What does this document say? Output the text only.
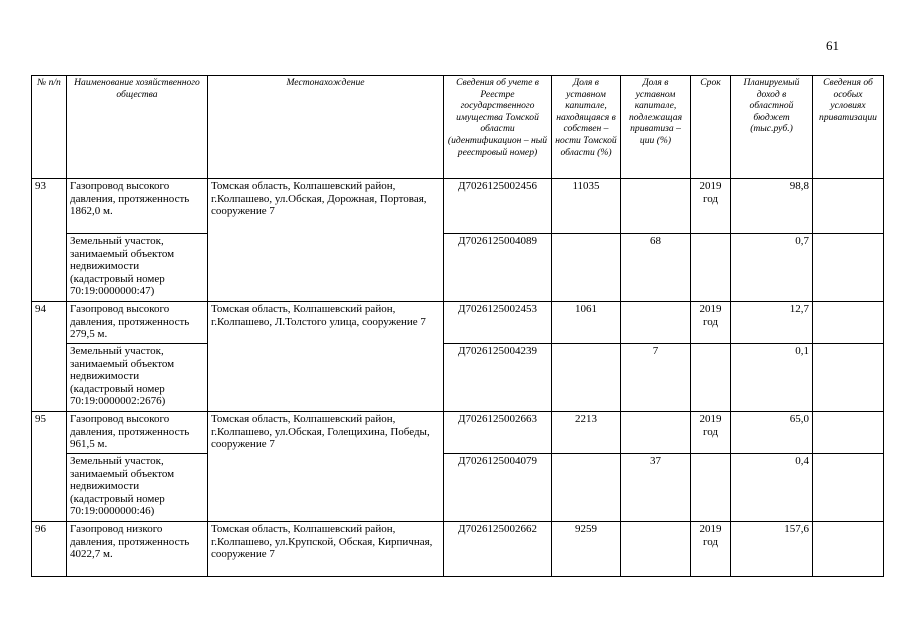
61
№ п/п	Наименование хозяйственного общества	Местонахождение	Сведения об учете в Реестре государственного имущества Томской области (идентификацион – ный реестровый номер)	Доля в уставном капитале, находящаяся в собствен – ности Томской области (%)	Доля в уставном капитале, подлежащая приватиза – ции (%)	Срок	Планируемый доход в областной бюджет (тыс.руб.)	Сведения об особых условиях приватизации
93	Газопровод высокого давления, протяженность 1862,0 м.	Томская область, Колпашевский район, г.Колпашево, ул.Обская, Дорожная, Портовая, сооружение 7	Д7026125002456	11035		2019 год	98,8	
	Земельный участок, занимаемый объектом недвижимости (кадастровый номер 70:19:0000000:47)		Д7026125004089		68		0,7	
94	Газопровод высокого давления, протяженность 279,5 м.	Томская область, Колпашевский район, г.Колпашево, Л.Толстого улица, сооружение 7	Д7026125002453	1061		2019 год	12,7	
	Земельный участок, занимаемый объектом недвижимости (кадастровый номер 70:19:0000002:2676)		Д7026125004239		7		0,1	
95	Газопровод высокого давления, протяженность 961,5 м.	Томская область, Колпашевский район, г.Колпашево, ул.Обская, Голещихина, Победы, сооружение 7	Д7026125002663	2213		2019 год	65,0	
	Земельный участок, занимаемый объектом недвижимости (кадастровый номер 70:19:0000000:46)		Д7026125004079		37		0,4	
96	Газопровод низкого давления, протяженность 4022,7 м.	Томская область, Колпашевский район, г.Колпашево, ул.Крупской, Обская, Кирпичная, сооружение 7	Д7026125002662	9259		2019 год	157,6	
